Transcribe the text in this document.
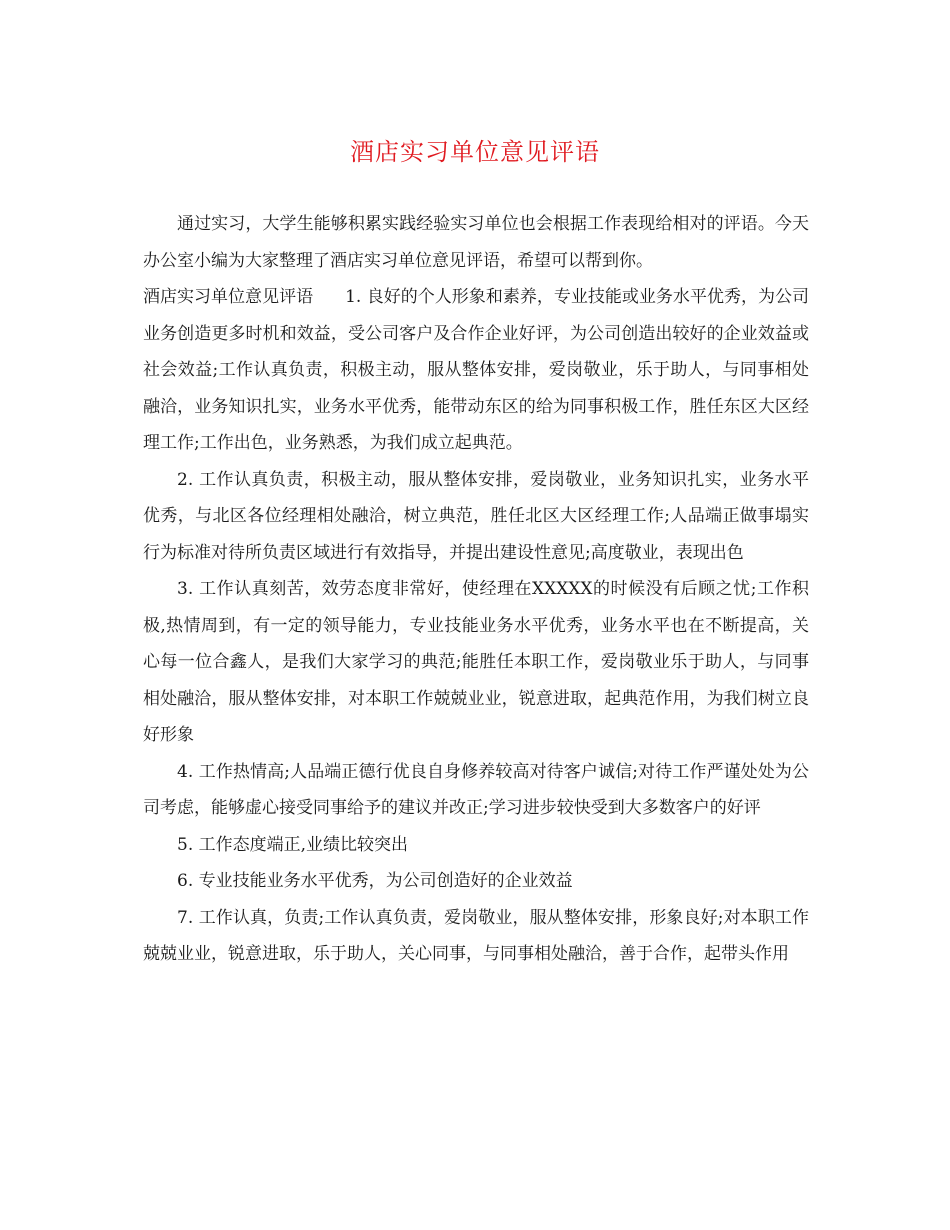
酒店实习单位意见评语

通过实习，大学生能够积累实践经验实习单位也会根据工作表现给相对的评语。今天办公室小编为大家整理了酒店实习单位意见评语，希望可以帮到你。

酒店实习单位意见评语 1. 良好的个人形象和素养，专业技能或业务水平优秀，为公司业务创造更多时机和效益，受公司客户及合作企业好评，为公司创造出较好的企业效益或社会效益;工作认真负责，积极主动，服从整体安排，爱岗敬业，乐于助人，与同事相处融洽，业务知识扎实，业务水平优秀，能带动东区的给为同事积极工作，胜任东区大区经理工作;工作出色，业务熟悉，为我们成立起典范。

2. 工作认真负责，积极主动，服从整体安排，爱岗敬业，业务知识扎实，业务水平优秀，与北区各位经理相处融洽，树立典范，胜任北区大区经理工作;人品端正做事塌实行为标准对待所负责区域进行有效指导，并提出建设性意见;高度敬业，表现出色

3. 工作认真刻苦，效劳态度非常好，使经理在XXXXX的时候没有后顾之忧;工作积极,热情周到，有一定的领导能力，专业技能业务水平优秀，业务水平也在不断提高，关心每一位合鑫人，是我们大家学习的典范;能胜任本职工作，爱岗敬业乐于助人，与同事相处融洽，服从整体安排，对本职工作兢兢业业，锐意进取，起典范作用，为我们树立良好形象

4. 工作热情高;人品端正德行优良自身修养较高对待客户诚信;对待工作严谨处处为公司考虑，能够虚心接受同事给予的建议并改正;学习进步较快受到大多数客户的好评

5. 工作态度端正,业绩比较突出

6. 专业技能业务水平优秀，为公司创造好的企业效益

7. 工作认真，负责;工作认真负责，爱岗敬业，服从整体安排，形象良好;对本职工作兢兢业业，锐意进取，乐于助人，关心同事，与同事相处融洽，善于合作，起带头作用
